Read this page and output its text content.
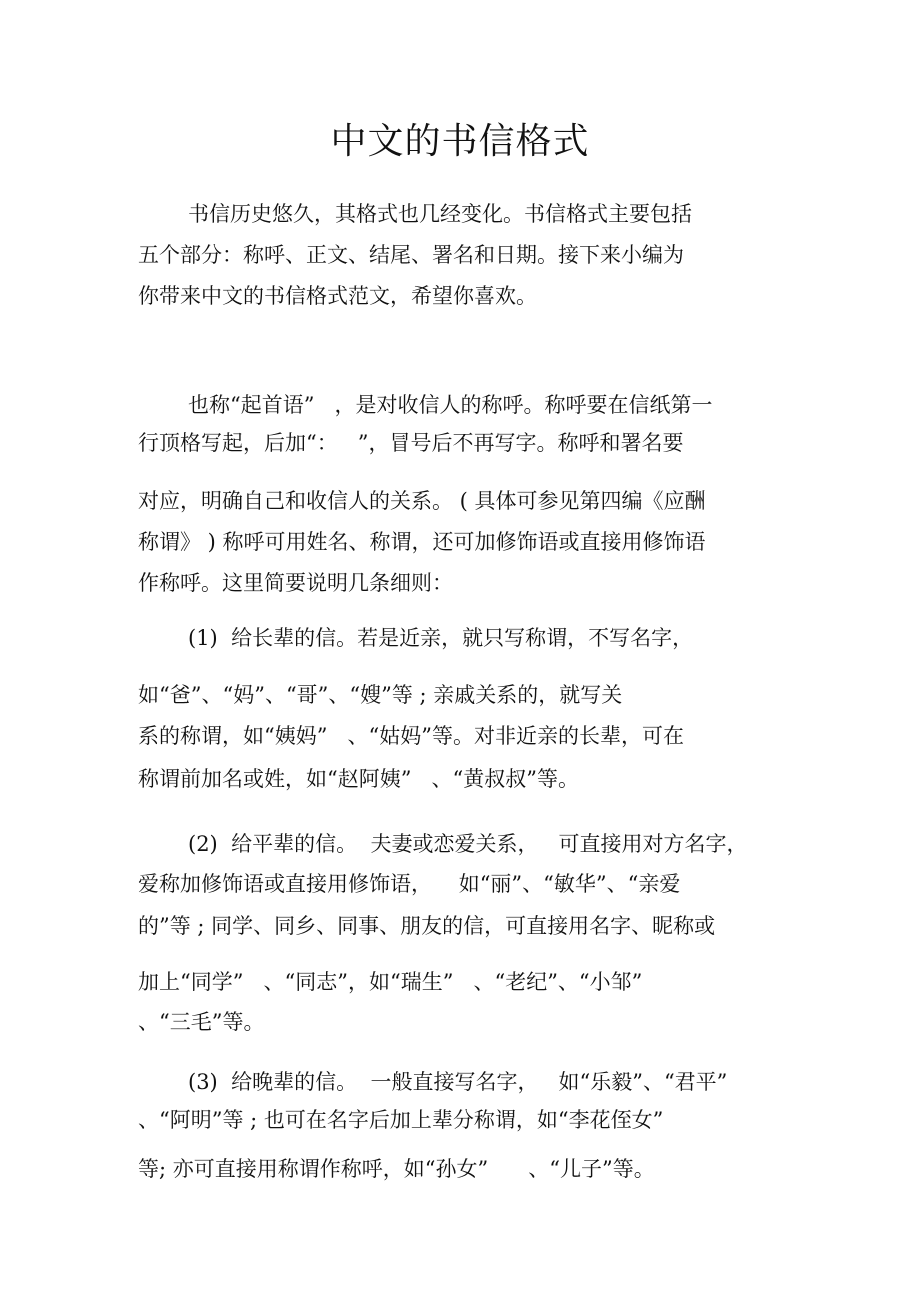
中文的书信格式

书信历史悠久，其格式也几经变化。书信格式主要包括

五个部分：称呼、正文、结尾、署名和日期。接下来小编为

你带来中文的书信格式范文，希望你喜欢。

也称“起首语”   ，是对收信人的称呼。称呼要在信纸第一

行顶格写起，后加“：   ”，冒号后不再写字。称呼和署名要

对应，明确自己和收信人的关系。 ( 具体可参见第四编《应酬

称谓》 ) 称呼可用姓名、称谓，还可加修饰语或直接用修饰语

作称呼。这里简要说明几条细则：

(1)  给长辈的信。若是近亲，就只写称谓，不写名字，

如“爸”、“妈”、“哥”、“嫂”等 ; 亲戚关系的，就写关

系的称谓，如“姨妈”   、“姑妈”等。对非近亲的长辈，可在

称谓前加名或姓，如“赵阿姨”   、“黄叔叔”等。

(2)  给平辈的信。  夫妻或恋爱关系，   可直接用对方名字，

爱称加修饰语或直接用修饰语，    如“丽”、“敏华”、“亲爱

的”等 ; 同学、同乡、同事、朋友的信，可直接用名字、昵称或

加上“同学”   、“同志”，如“瑞生”   、“老纪”、“小邹”

、“三毛”等。

(3)  给晚辈的信。  一般直接写名字，   如“乐毅”、“君平”

、“阿明”等 ; 也可在名字后加上辈分称谓，如“李花侄女”

等; 亦可直接用称谓作称呼，如“孙女”      、“儿子”等。
